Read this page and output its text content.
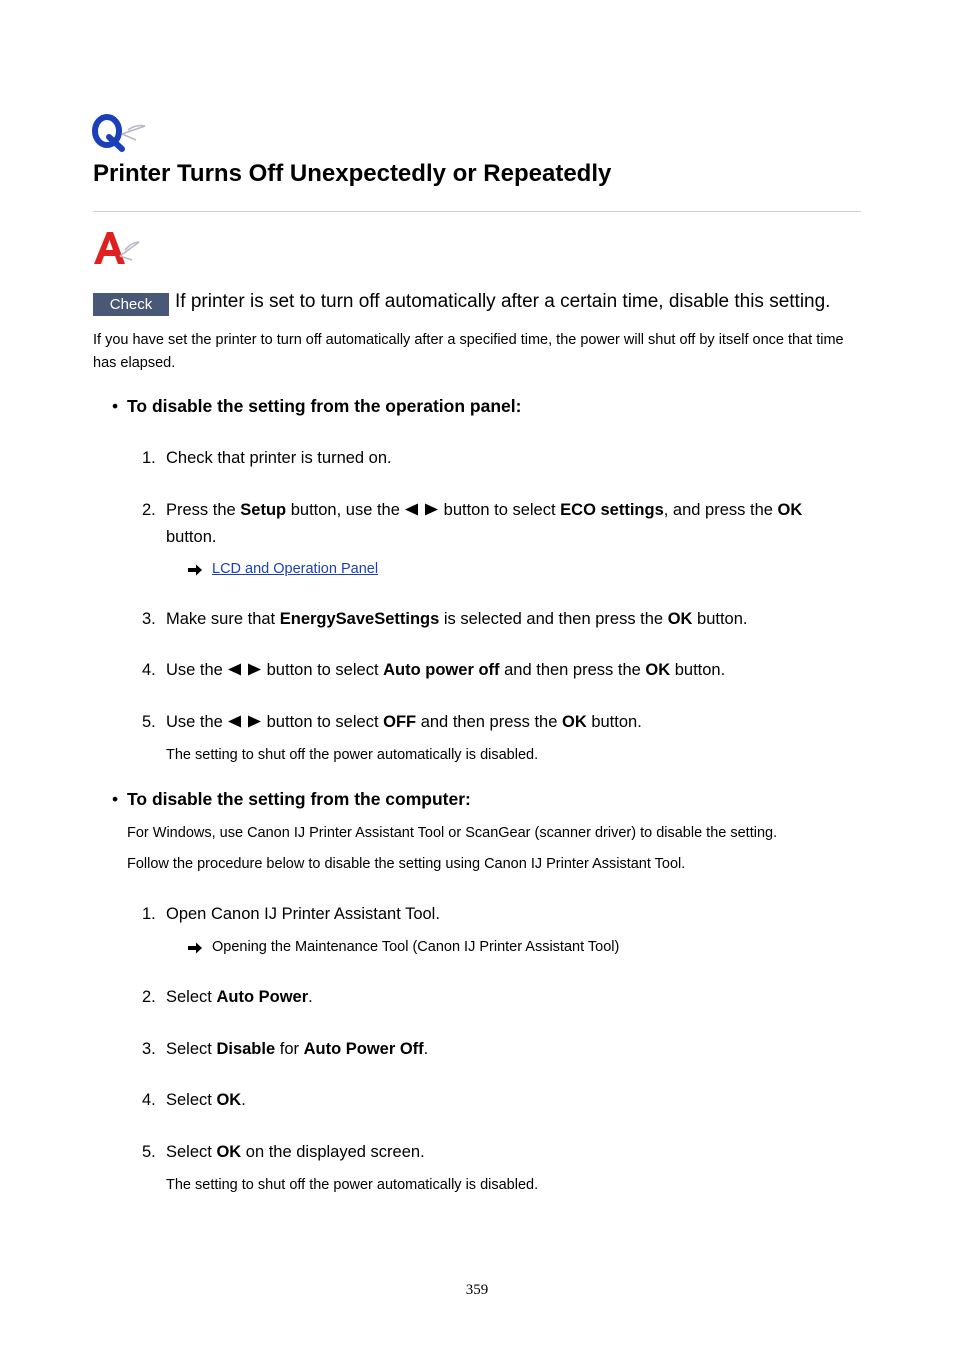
Printer Turns Off Unexpectedly or Repeatedly
Check	If printer is set to turn off automatically after a certain time, disable this setting.
If you have set the printer to turn off automatically after a specified time, the power will shut off by itself once that time has elapsed.
• To disable the setting from the operation panel:
1. Check that printer is turned on.
2. Press the Setup button, use the

button to select ECO settings, and press the OK
button.
LCD and Operation Panel
3. Make sure that EnergySaveSettings is selected and then press the OK button.
4. Use the

button to select Auto power off and then press the OK button.
5. Use the

button to select OFF and then press the OK button.
The setting to shut off the power automatically is disabled.
• To disable the setting from the computer:
For Windows, use Canon IJ Printer Assistant Tool or ScanGear (scanner driver) to disable the setting.
Follow the procedure below to disable the setting using Canon IJ Printer Assistant Tool.
1. Open Canon IJ Printer Assistant Tool.
Opening the Maintenance Tool (Canon IJ Printer Assistant Tool)
2. Select Auto Power.
3. Select Disable for Auto Power Off.
4. Select OK.
5. Select OK on the displayed screen.
The setting to shut off the power automatically is disabled.
359
